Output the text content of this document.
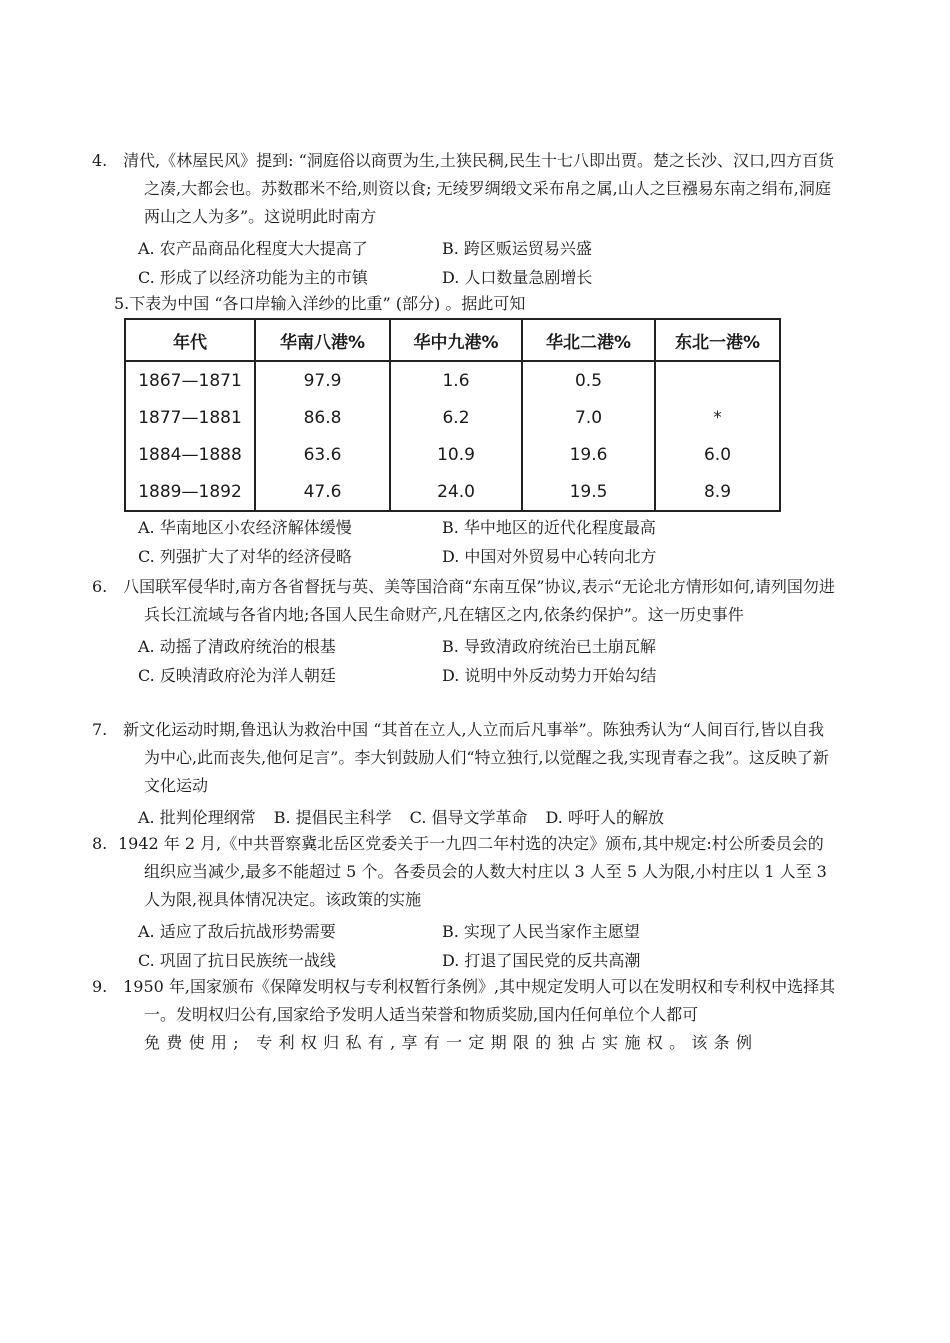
4. 清代,《林屋民风》提到: “洞庭俗以商贾为生,土狭民稠,民生十七八即出贾。楚之长沙、汉口,四方百货之凑,大都会也。苏数郡米不给,则资以食; 无绫罗绸缎文采布帛之属,山人之巨襁易东南之绢布,洞庭两山之人为多”。这说明此时南方

A. 农产品商品化程度大大提高了	B. 跨区贩运贸易兴盛
C. 形成了以经济功能为主的市镇	D. 人口数量急剧增长

5.下表为中国 “各口岸输入洋纱的比重” (部分) 。据此可知

年代	华南八港%	华中九港%	华北二港%	东北一港%
1867—1871	97.9	1.6	0.5	
1877—1881	86.8	6.2	7.0	*
1884—1888	63.6	10.9	19.6	6.0
1889—1892	47.6	24.0	19.5	8.9
A. 华南地区小农经济解体缓慢	B. 华中地区的近代化程度最高
C. 列强扩大了对华的经济侵略	D. 中国对外贸易中心转向北方

6. 八国联军侵华时,南方各省督抚与英、美等国洽商“东南互保”协议,表示“无论北方情形如何,请列国勿进兵长江流域与各省内地;各国人民生命财产,凡在辖区之内,依条约保护”。这一历史事件

A. 动摇了清政府统治的根基	B. 导致清政府统治已土崩瓦解
C. 反映清政府沦为洋人朝廷	D. 说明中外反动势力开始勾结

7. 新文化运动时期,鲁迅认为救治中国 “其首在立人,人立而后凡事举”。陈独秀认为“人间百行,皆以自我为中心,此而丧失,他何足言”。李大钊鼓励人们“特立独行,以觉醒之我,实现青春之我”。这反映了新文化运动

A. 批判伦理纲常 B. 提倡民主科学 C. 倡导文学革命 D. 呼吁人的解放

8. 1942 年 2 月,《中共晋察冀北岳区党委关于一九四二年村选的决定》颁布,其中规定:村公所委员会的组织应当减少,最多不能超过 5 个。各委员会的人数大村庄以 3 人至 5 人为限,小村庄以 1 人至 3 人为限,视具体情况决定。该政策的实施

A. 适应了敌后抗战形势需要	B. 实现了人民当家作主愿望
C. 巩固了抗日民族统一战线	D. 打退了国民党的反共高潮

9. 1950 年,国家颁布《保障发明权与专利权暂行条例》,其中规定发明人可以在发明权和专利权中选择其一。发明权归公有,国家给予发明人适当荣誉和物质奖励,国内任何单位个人都可

免费使用; 专利权归私有,享有一定期限的独占实施权。该条例
